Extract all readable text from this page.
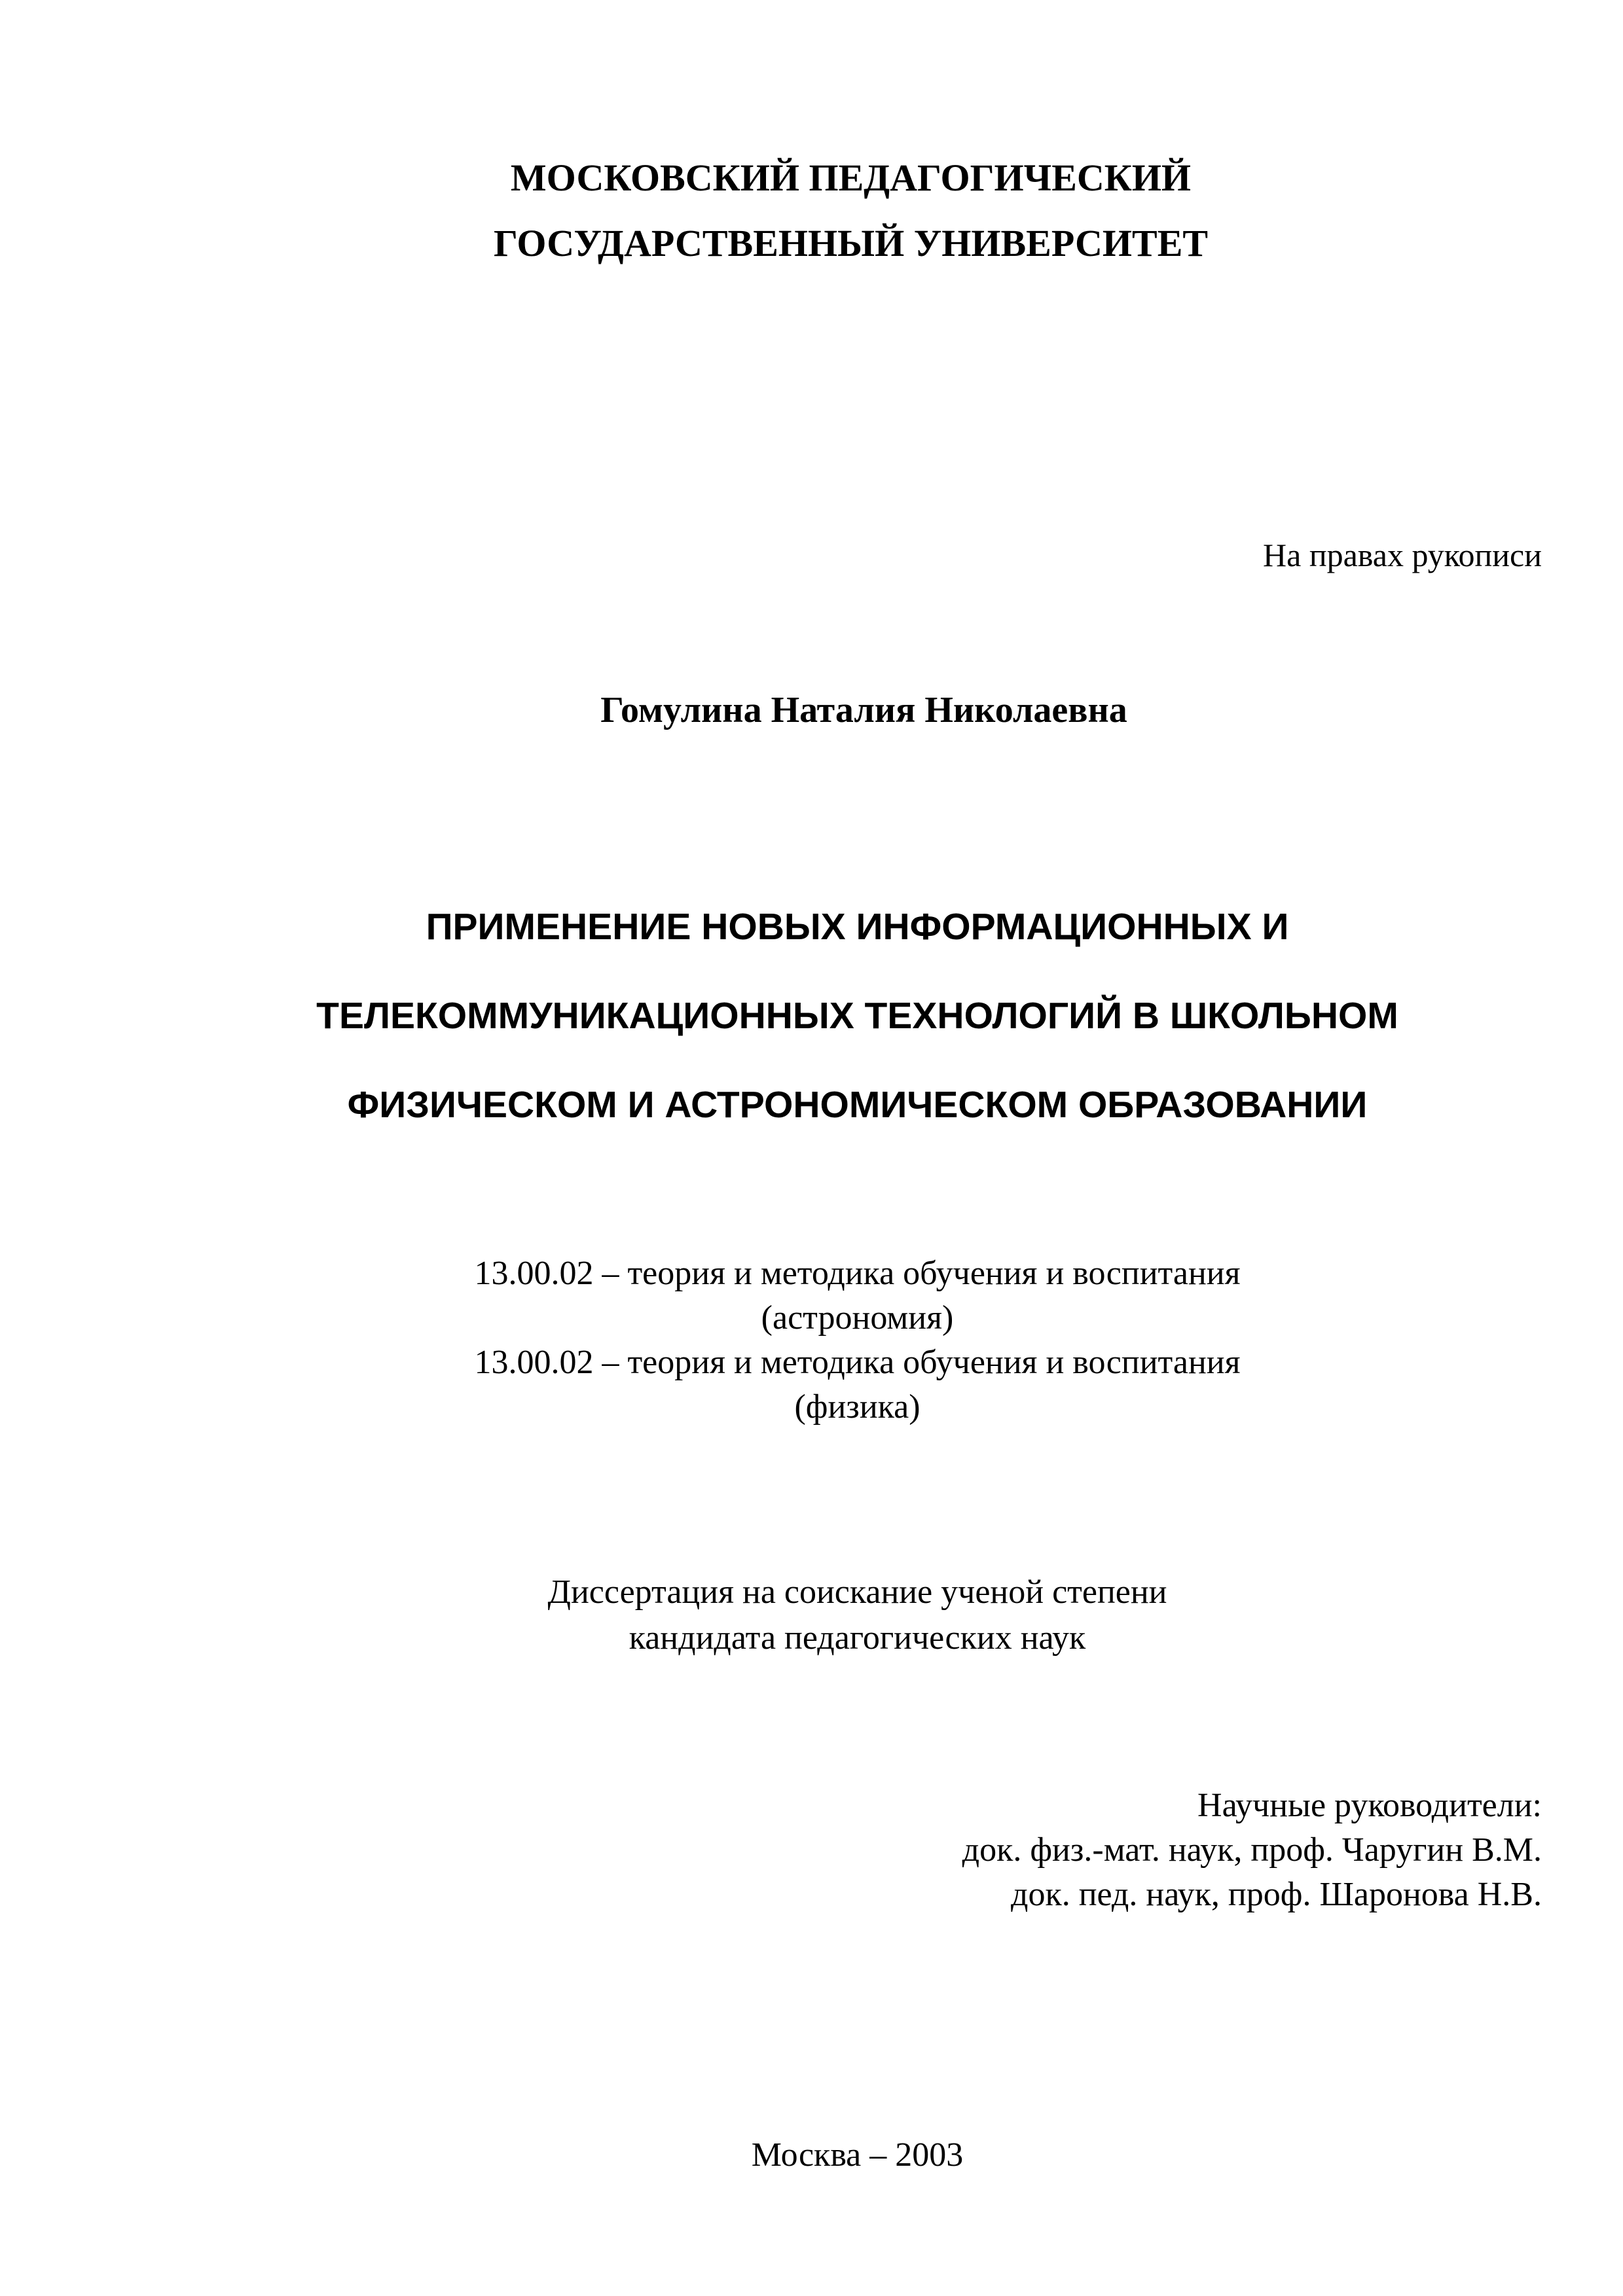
МОСКОВСКИЙ ПЕДАГОГИЧЕСКИЙ
ГОСУДАРСТВЕННЫЙ УНИВЕРСИТЕТ
На правах рукописи
Гомулина Наталия Николаевна
ПРИМЕНЕНИЕ НОВЫХ ИНФОРМАЦИОННЫХ И
ТЕЛЕКОММУНИКАЦИОННЫХ ТЕХНОЛОГИЙ В ШКОЛЬНОМ
ФИЗИЧЕСКОМ И АСТРОНОМИЧЕСКОМ ОБРАЗОВАНИИ
13.00.02 – теория и методика обучения и воспитания
(астрономия)
13.00.02 – теория и методика обучения и воспитания
(физика)
Диссертация на соискание ученой степени
кандидата педагогических наук
Научные руководители:
док. физ.-мат. наук, проф. Чаругин В.М.
док. пед. наук, проф. Шаронова Н.В.
Москва – 2003
